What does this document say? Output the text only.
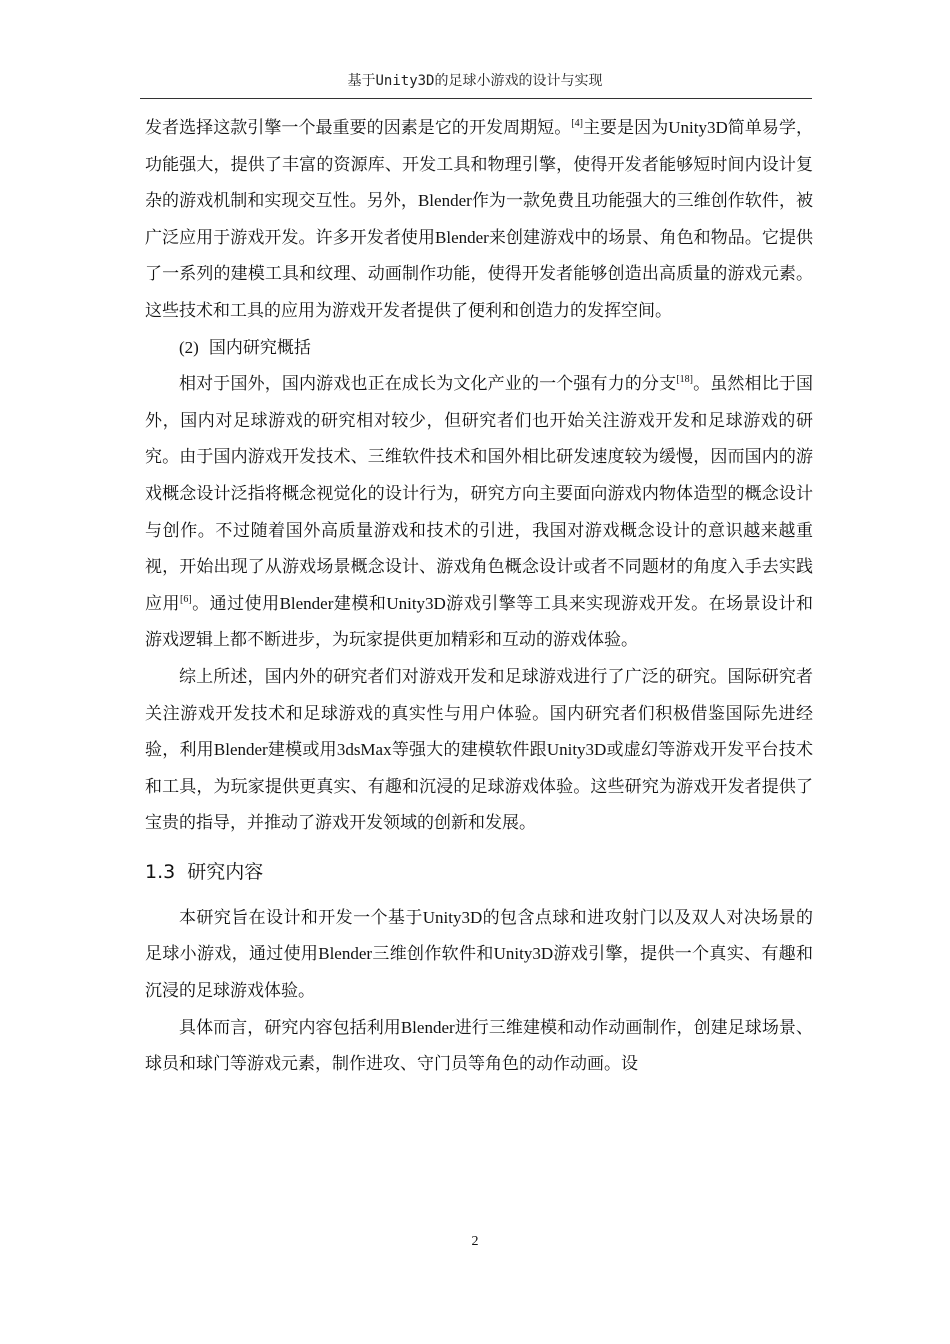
基于Unity3D的足球小游戏的设计与实现

发者选择这款引擎一个最重要的因素是它的开发周期短。[4]主要是因为Unity3D简单易学，功能强大，提供了丰富的资源库、开发工具和物理引擎，使得开发者能够短时间内设计复杂的游戏机制和实现交互性。另外，Blender作为一款免费且功能强大的三维创作软件，被广泛应用于游戏开发。许多开发者使用Blender来创建游戏中的场景、角色和物品。它提供了一系列的建模工具和纹理、动画制作功能，使得开发者能够创造出高质量的游戏元素。这些技术和工具的应用为游戏开发者提供了便利和创造力的发挥空间。

(2) 国内研究概括

相对于国外，国内游戏也正在成长为文化产业的一个强有力的分支[18]。虽然相比于国外，国内对足球游戏的研究相对较少，但研究者们也开始关注游戏开发和足球游戏的研究。由于国内游戏开发技术、三维软件技术和国外相比研发速度较为缓慢，因而国内的游戏概念设计泛指将概念视觉化的设计行为，研究方向主要面向游戏内物体造型的概念设计与创作。不过随着国外高质量游戏和技术的引进，我国对游戏概念设计的意识越来越重视，开始出现了从游戏场景概念设计、游戏角色概念设计或者不同题材的角度入手去实践应用[6]。通过使用Blender建模和Unity3D游戏引擎等工具来实现游戏开发。在场景设计和游戏逻辑上都不断进步，为玩家提供更加精彩和互动的游戏体验。

综上所述，国内外的研究者们对游戏开发和足球游戏进行了广泛的研究。国际研究者关注游戏开发技术和足球游戏的真实性与用户体验。国内研究者们积极借鉴国际先进经验，利用Blender建模或用3dsMax等强大的建模软件跟Unity3D或虚幻等游戏开发平台技术和工具，为玩家提供更真实、有趣和沉浸的足球游戏体验。这些研究为游戏开发者提供了宝贵的指导，并推动了游戏开发领域的创新和发展。

1.3 研究内容

本研究旨在设计和开发一个基于Unity3D的包含点球和进攻射门以及双人对决场景的足球小游戏，通过使用Blender三维创作软件和Unity3D游戏引擎，提供一个真实、有趣和沉浸的足球游戏体验。

具体而言，研究内容包括利用Blender进行三维建模和动作动画制作，创建足球场景、球员和球门等游戏元素，制作进攻、守门员等角色的动作动画。设

2
